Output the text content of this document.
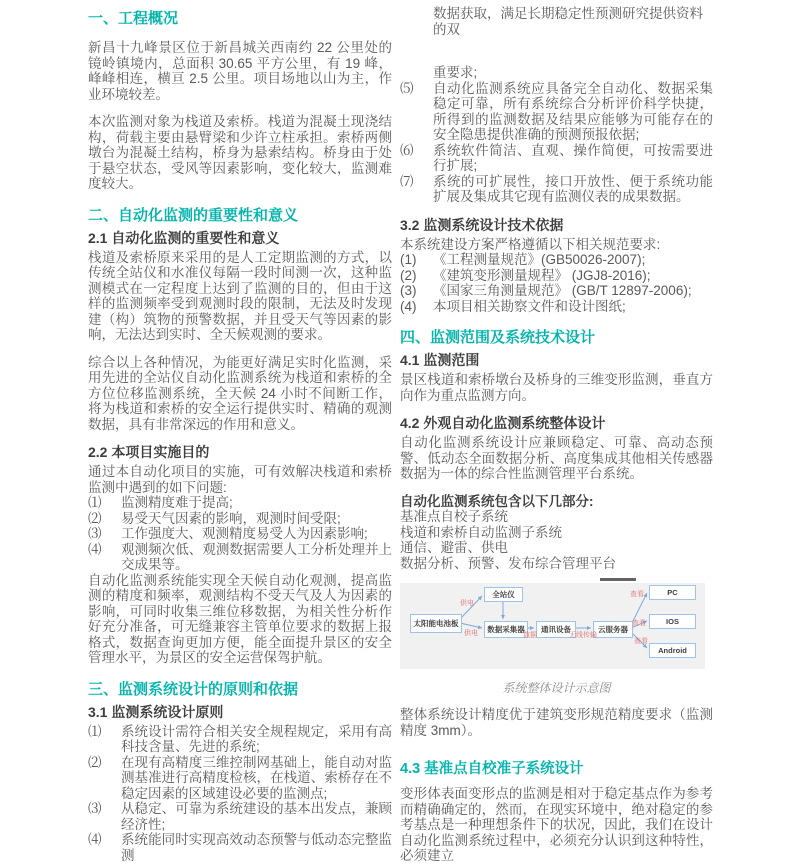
一、工程概况
新昌十九峰景区位于新昌城关西南约 22 公里处的镜岭镇境内，总面积 30.65 平方公里，有 19 峰，峰峰相连，横亘 2.5 公里。项目场地以山为主，作业环境较差。
本次监测对象为栈道及索桥。栈道为混凝土现浇结构，荷载主要由悬臂梁和少许立柱承担。索桥两侧墩台为混凝土结构，桥身为悬索结构。桥身由于处于悬空状态，受风等因素影响，变化较大，监测难度较大。
二、自动化监测的重要性和意义
2.1 自动化监测的重要性和意义
栈道及索桥原来采用的是人工定期监测的方式，以传统全站仪和水准仪每隔一段时间测一次，这种监测模式在一定程度上达到了监测的目的，但由于这样的监测频率受到观测时段的限制，无法及时发现建（构）筑物的预警数据，并且受天气等因素的影响，无法达到实时、全天候观测的要求。
综合以上各种情况，为能更好满足实时化监测，采用先进的全站仪自动化监测系统为栈道和索桥的全方位位移监测系统，全天候 24 小时不间断工作，将为栈道和索桥的安全运行提供实时、精确的观测数据，具有非常深远的作用和意义。
2.2 本项目实施目的
通过本自动化项目的实施，可有效解决栈道和索桥监测中遇到的如下问题:
⑴	监测精度难于提高;
⑵	易受天气因素的影响，观测时间受限;
⑶	工作强度大、观测精度易受人为因素影响;
⑷	观测频次低、观测数据需要人工分析处理并上交成果等。
自动化监测系统能实现全天候自动化观测，提高监测的精度和频率，观测结构不受天气及人为因素的影响，可同时收集三维位移数据，为相关性分析作好充分准备，可无缝兼容主管单位要求的数据上报格式，数据查询更加方便，能全面提升景区的安全管理水平，为景区的安全运营保驾护航。
三、监测系统设计的原则和依据
3.1 监测系统设计原则
⑴	系统设计需符合相关安全规程规定，采用有高科技含量、先进的系统;
⑵	在现有高精度三维控制网基础上，能自动对监测基准进行高精度检核，在栈道、索桥存在不稳定因素的区域建设必要的监测点;
⑶	从稳定、可靠为系统建设的基本出发点，兼顾经济性;
⑷	系统能同时实现高效动态预警与低动态完整监测
数据获取，满足长期稳定性预测研究提供资料的双
重要求;
⑸	自动化监测系统应具备完全自动化、数据采集稳定可靠，所有系统综合分析评价科学快捷，所得到的监测数据及结果应能够为可能存在的安全隐患提供准确的预测预报依据;
⑹	系统软件简洁、直观、操作简便，可按需要进行扩展;
⑺	系统的可扩展性，接口开放性、便于系统功能扩展及集成其它现有监测仪表的成果数据。
3.2 监测系统设计技术依据
本系统建设方案严格遵循以下相关规范要求:
(1)	《工程测量规范》(GB50026-2007);
(2)	《建筑变形测量规程》 (JGJ8-2016);
(3)	《国家三角测量规范》 (GB/T 12897-2006);
(4)	本项目相关勘察文件和设计图纸;
四、监测范围及系统技术设计
4.1 监测范围
景区栈道和索桥墩台及桥身的三维变形监测，垂直方向作为重点监测方向。
4.2 外观自动化监测系统整体设计
自动化监测系统设计应兼顾稳定、可靠、高动态预警、低动态全面数据分析、高度集成其他相关传感器数据为一体的综合性监测管理平台系统。
自动化监测系统包含以下几部分:
基准点自校子系统
栈道和索桥自动监测子系统
通信、避雷、供电
数据分析、预警、发布综合管理平台
太阳能电池板
全站仪
数据采集器 通讯设备	云服务器
PC
IOS
Android
供电
供电	数据	无线传输
查看
查看
查看
系统整体设计示意图
整体系统设计精度优于建筑变形规范精度要求（监测精度 3mm）。
4.3 基准点自校准子系统设计
变形体表面变形点的监测是相对于稳定基点作为参考而精确确定的，然而，在现实环境中，绝对稳定的参考基点是一种理想条件下的状况，因此，我们在设计自动化监测系统过程中，必须充分认识到这种特性，必须建立
